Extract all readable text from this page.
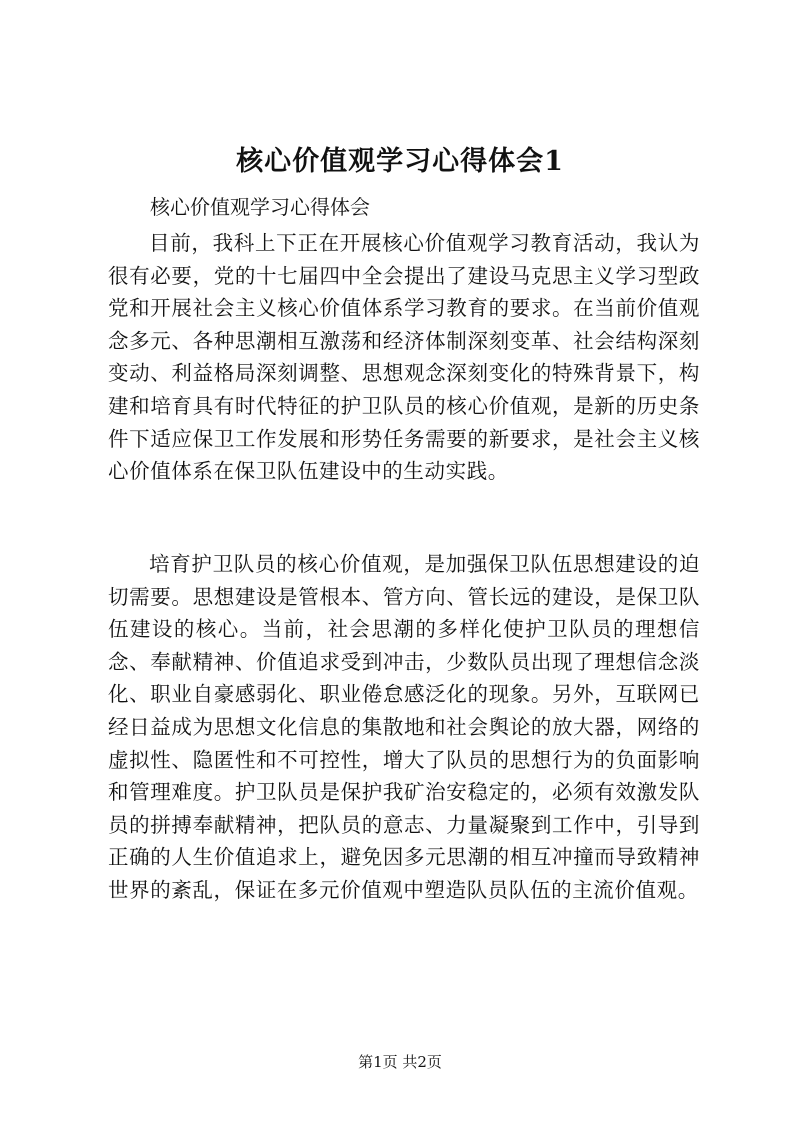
核心价值观学习心得体会1

核心价值观学习心得体会

目前，我科上下正在开展核心价值观学习教育活动，我认为很有必要，党的十七届四中全会提出了建设马克思主义学习型政党和开展社会主义核心价值体系学习教育的要求。在当前价值观念多元、各种思潮相互激荡和经济体制深刻变革、社会结构深刻变动、利益格局深刻调整、思想观念深刻变化的特殊背景下，构建和培育具有时代特征的护卫队员的核心价值观，是新的历史条件下适应保卫工作发展和形势任务需要的新要求，是社会主义核心价值体系在保卫队伍建设中的生动实践。

培育护卫队员的核心价值观，是加强保卫队伍思想建设的迫切需要。思想建设是管根本、管方向、管长远的建设，是保卫队伍建设的核心。当前，社会思潮的多样化使护卫队员的理想信念、奉献精神、价值追求受到冲击，少数队员出现了理想信念淡化、职业自豪感弱化、职业倦怠感泛化的现象。另外，互联网已经日益成为思想文化信息的集散地和社会舆论的放大器，网络的虚拟性、隐匿性和不可控性，增大了队员的思想行为的负面影响和管理难度。护卫队员是保护我矿治安稳定的，必须有效激发队员的拼搏奉献精神，把队员的意志、力量凝聚到工作中，引导到正确的人生价值追求上，避免因多元思潮的相互冲撞而导致精神世界的紊乱，保证在多元价值观中塑造队员队伍的主流价值观。

第1页 共2页
